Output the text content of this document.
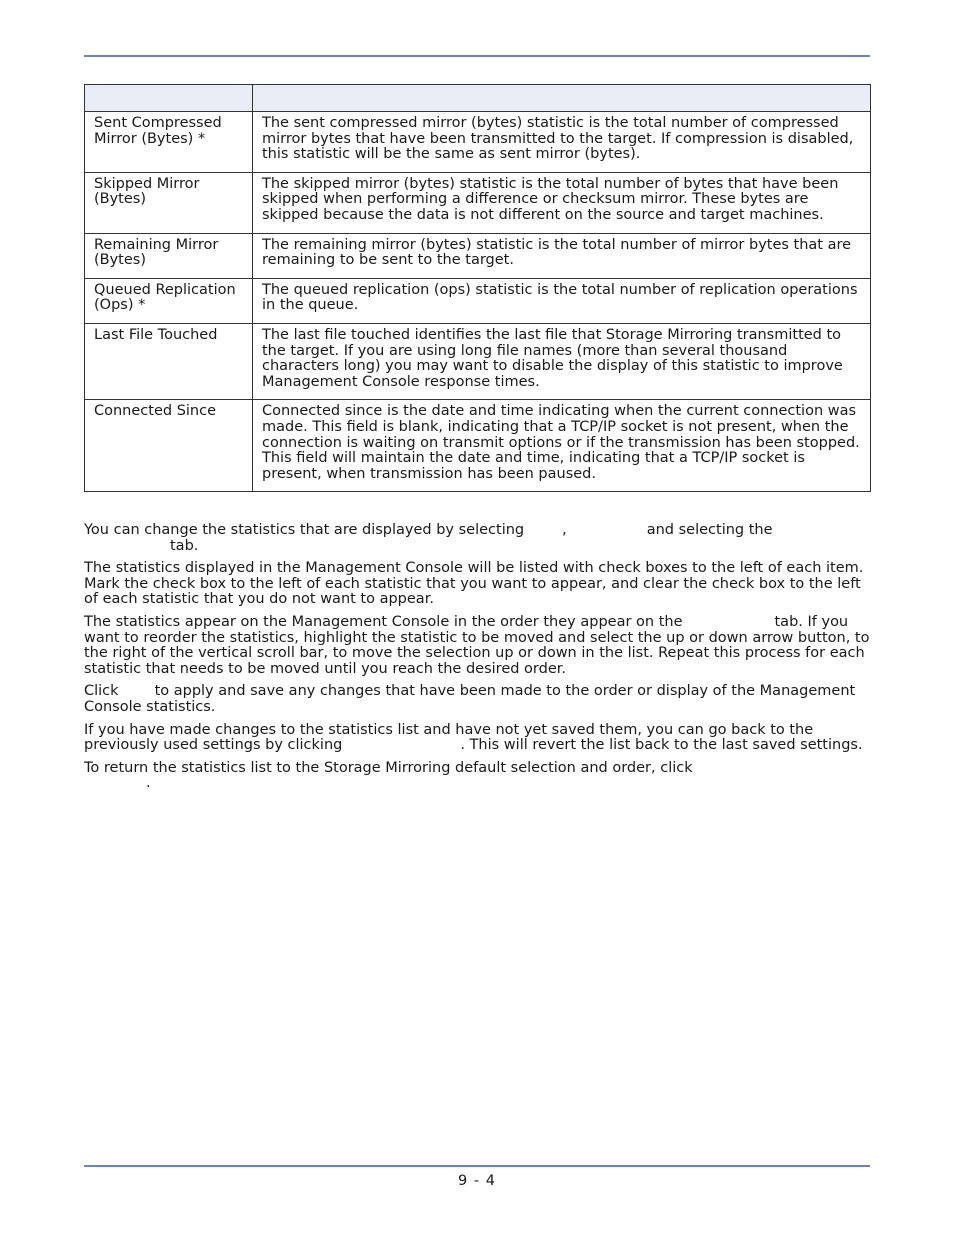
Sent Compressed Mirror (Bytes) *	The sent compressed mirror (bytes) statistic is the total number of compressed mirror bytes that have been transmitted to the target. If compression is disabled, this statistic will be the same as sent mirror (bytes).
Skipped Mirror (Bytes)	The skipped mirror (bytes) statistic is the total number of bytes that have been skipped when performing a difference or checksum mirror. These bytes are skipped because the data is not different on the source and target machines.
Remaining Mirror (Bytes)	The remaining mirror (bytes) statistic is the total number of mirror bytes that are remaining to be sent to the target.
Queued Replication (Ops) *	The queued replication (ops) statistic is the total number of replication operations in the queue.
Last File Touched	The last file touched identifies the last file that Storage Mirroring transmitted to the target. If you are using long file names (more than several thousand characters long) you may want to disable the display of this statistic to improve Management Console response times.
Connected Since	Connected since is the date and time indicating when the current connection was made. This field is blank, indicating that a TCP/IP socket is not present, when the connection is waiting on transmit options or if the transmission has been stopped. This field will maintain the date and time, indicating that a TCP/IP socket is present, when transmission has been paused.

You can change the statistics that are displayed by selecting	,	and selecting the
tab.

The statistics displayed in the Management Console will be listed with check boxes to the left of each item. Mark the check box to the left of each statistic that you want to appear, and clear the check box to the left of each statistic that you do not want to appear.

The statistics appear on the Management Console in the order they appear on the	tab. If you want to reorder the statistics, highlight the statistic to be moved and select the up or down arrow button, to the right of the vertical scroll bar, to move the selection up or down in the list. Repeat this process for each statistic that needs to be moved until you reach the desired order.

Click to apply and save any changes that have been made to the order or display of the Management Console statistics.

If you have made changes to the statistics list and have not yet saved them, you can go back to the previously used settings by clicking	. This will revert the list back to the last saved settings.

To return the statistics list to the Storage Mirroring default selection and order, click
.

9 - 4
